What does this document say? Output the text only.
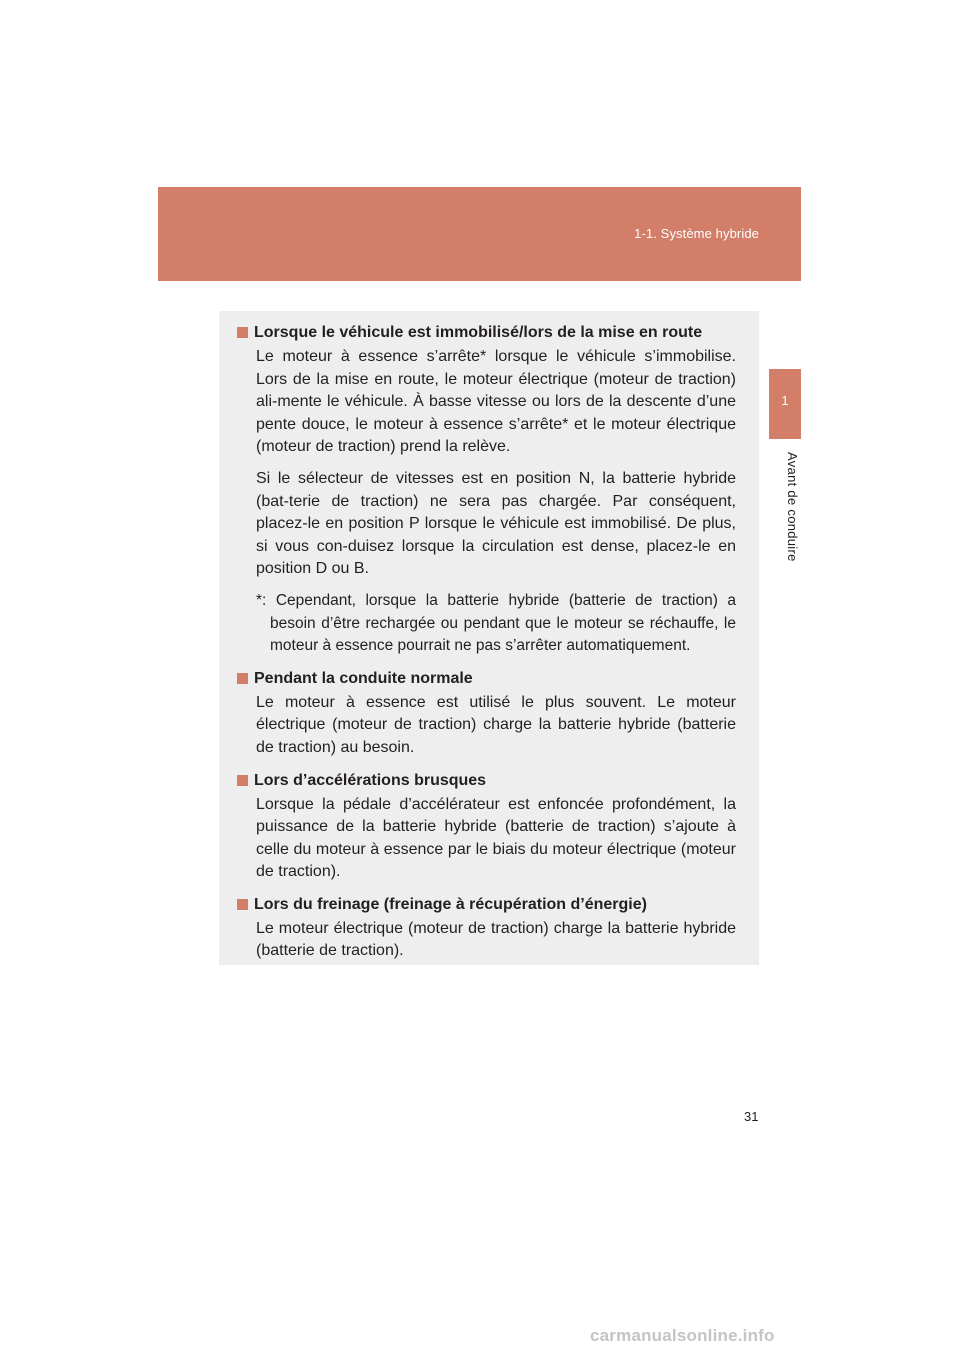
1-1. Système hybride
1
Avant de conduire
Lorsque le véhicule est immobilisé/lors de la mise en route

Le moteur à essence s’arrête* lorsque le véhicule s’immobilise. Lors de la mise en route, le moteur électrique (moteur de traction) ali-mente le véhicule. À basse vitesse ou lors de la descente d’une pente douce, le moteur à essence s’arrête* et le moteur électrique (moteur de traction) prend la relève.

Si le sélecteur de vitesses est en position N, la batterie hybride (bat-terie de traction) ne sera pas chargée. Par conséquent, placez-le en position P lorsque le véhicule est immobilisé. De plus, si vous con-duisez lorsque la circulation est dense, placez-le en position D ou B.

*: Cependant, lorsque la batterie hybride (batterie de traction) a besoin d’être rechargée ou pendant que le moteur se réchauffe, le moteur à essence pourrait ne pas s’arrêter automatiquement.

Pendant la conduite normale

Le moteur à essence est utilisé le plus souvent. Le moteur électrique (moteur de traction) charge la batterie hybride (batterie de traction) au besoin.

Lors d’accélérations brusques

Lorsque la pédale d’accélérateur est enfoncée profondément, la puissance de la batterie hybride (batterie de traction) s’ajoute à celle du moteur à essence par le biais du moteur électrique (moteur de traction).

Lors du freinage (freinage à récupération d’énergie)

Le moteur électrique (moteur de traction) charge la batterie hybride (batterie de traction).

31
carmanualsonline.info
